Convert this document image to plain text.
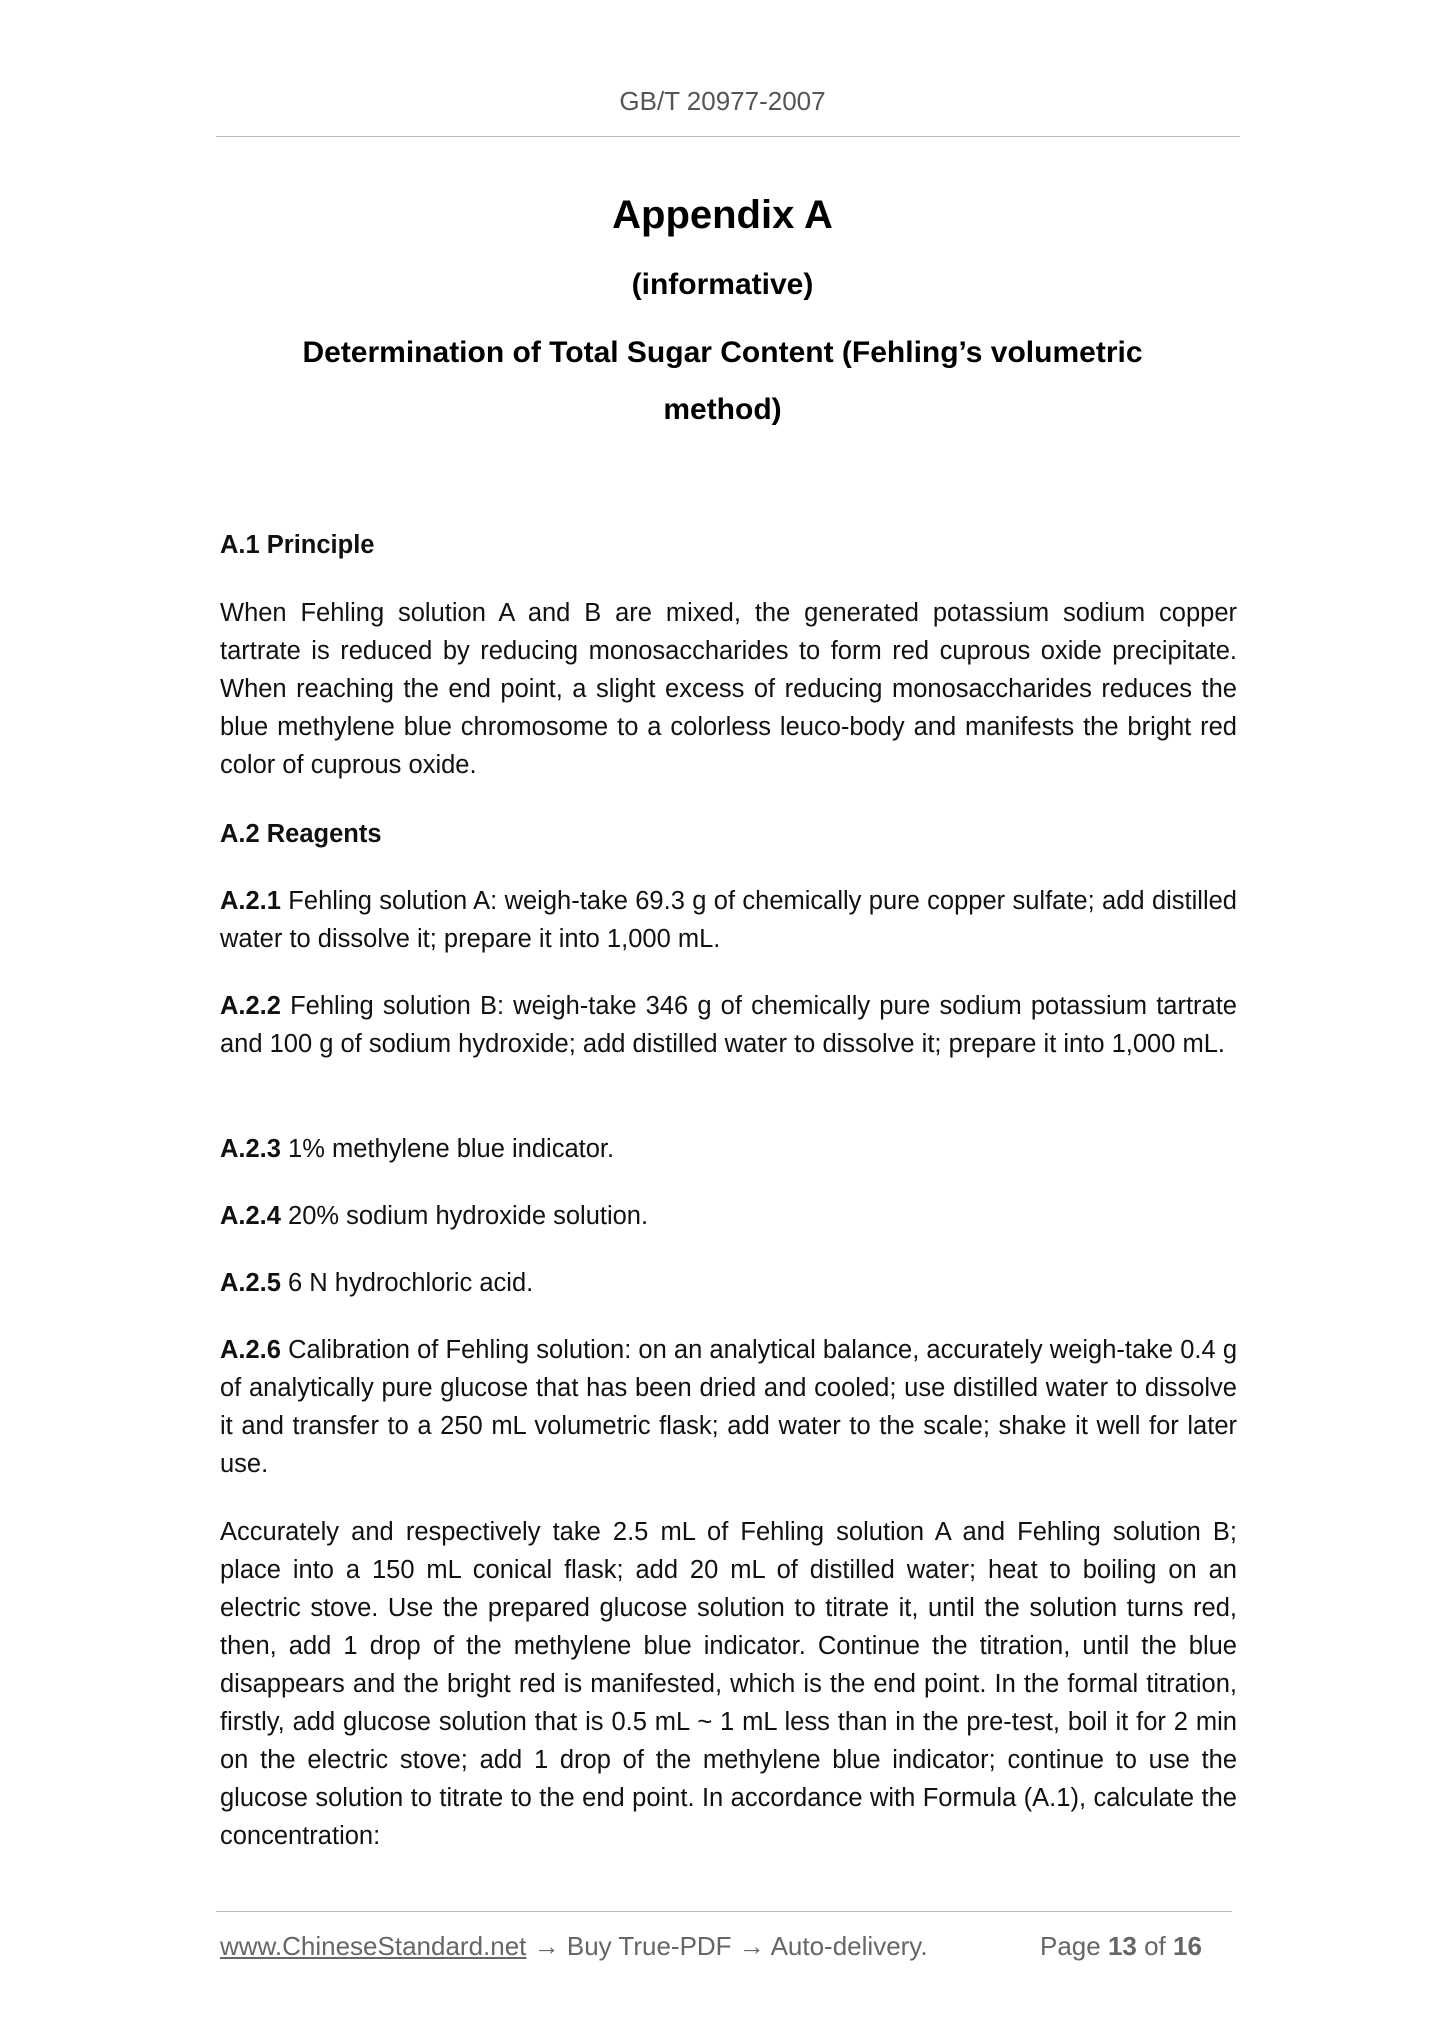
GB/T 20977-2007
Appendix A
(informative)
Determination of Total Sugar Content (Fehling’s volumetric
method)

A.1 Principle

When Fehling solution A and B are mixed, the generated potassium sodium copper tartrate is reduced by reducing monosaccharides to form red cuprous oxide precipitate. When reaching the end point, a slight excess of reducing monosaccharides reduces the blue methylene blue chromosome to a colorless leuco-body and manifests the bright red color of cuprous oxide.

A.2 Reagents

A.2.1 Fehling solution A: weigh-take 69.3 g of chemically pure copper sulfate; add distilled water to dissolve it; prepare it into 1,000 mL.

A.2.2 Fehling solution B: weigh-take 346 g of chemically pure sodium potassium tartrate and 100 g of sodium hydroxide; add distilled water to dissolve it; prepare it into 1,000 mL.

A.2.3 1% methylene blue indicator.

A.2.4 20% sodium hydroxide solution.

A.2.5 6 N hydrochloric acid.

A.2.6 Calibration of Fehling solution: on an analytical balance, accurately weigh-take 0.4 g of analytically pure glucose that has been dried and cooled; use distilled water to dissolve it and transfer to a 250 mL volumetric flask; add water to the scale; shake it well for later use.

Accurately and respectively take 2.5 mL of Fehling solution A and Fehling solution B; place into a 150 mL conical flask; add 20 mL of distilled water; heat to boiling on an electric stove. Use the prepared glucose solution to titrate it, until the solution turns red, then, add 1 drop of the methylene blue indicator. Continue the titration, until the blue disappears and the bright red is manifested, which is the end point. In the formal titration, firstly, add glucose solution that is 0.5 mL ~ 1 mL less than in the pre-test, boil it for 2 min on the electric stove; add 1 drop of the methylene blue indicator; continue to use the glucose solution to titrate to the end point. In accordance with Formula (A.1), calculate the concentration:

www.ChineseStandard.net → Buy True-PDF → Auto-delivery.	Page 13 of 16
